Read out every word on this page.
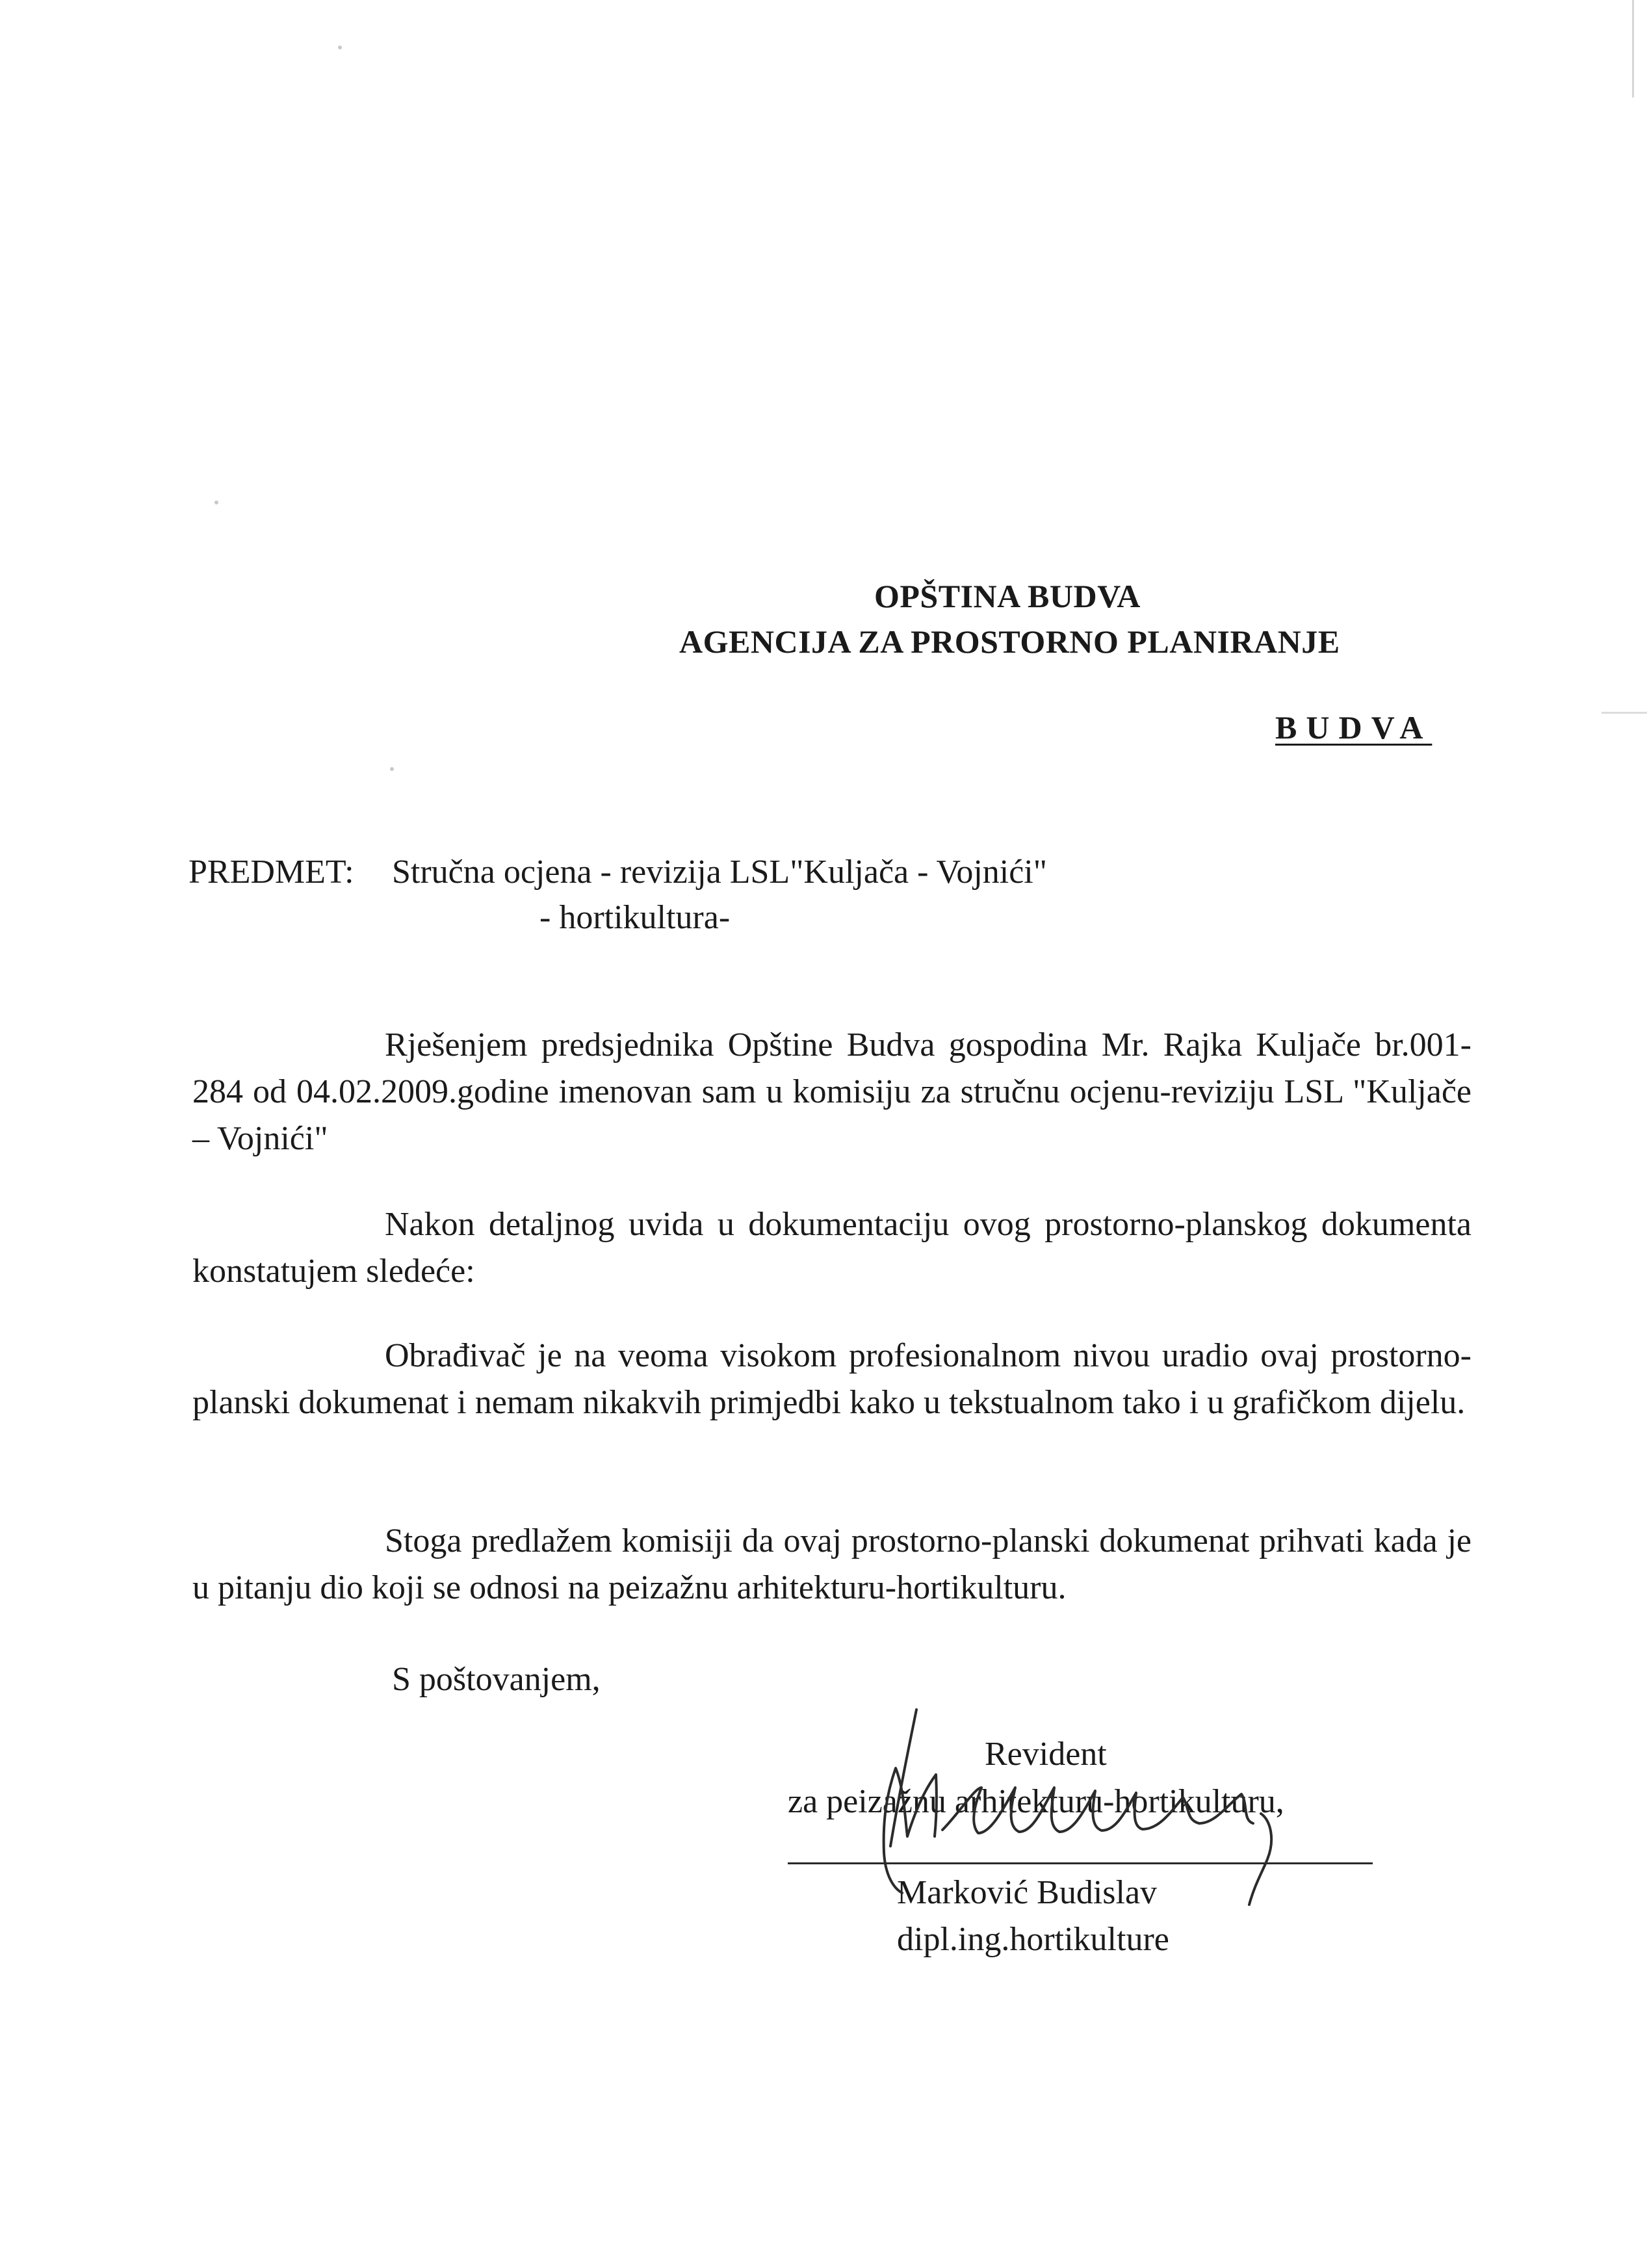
OPŠTINA BUDVA
AGENCIJA ZA PROSTORNO PLANIRANJE
BUDVA
PREDMET: Stručna ocjena - revizija LSL"Kuljača - Vojnići"
- hortikultura-
Rješenjem predsjednika Opštine Budva gospodina Mr. Rajka Kuljače br.001-284 od 04.02.2009.godine imenovan sam u komisiju za stručnu ocjenu-reviziju LSL "Kuljače – Vojnići"
Nakon detaljnog uvida u dokumentaciju ovog prostorno-planskog dokumenta konstatujem sledeće:
Obrađivač je na veoma visokom profesionalnom nivou uradio ovaj prostorno-planski dokumenat i nemam nikakvih primjedbi kako u tekstualnom tako i u grafičkom dijelu.
Stoga predlažem komisiji da ovaj prostorno-planski dokumenat prihvati kada je u pitanju dio koji se odnosi na peizažnu arhitekturu-hortikulturu.
S poštovanjem,
Revident
za peizažnu arhitekturu-hortikulturu,
Marković Budislav
dipl.ing.hortikulture
